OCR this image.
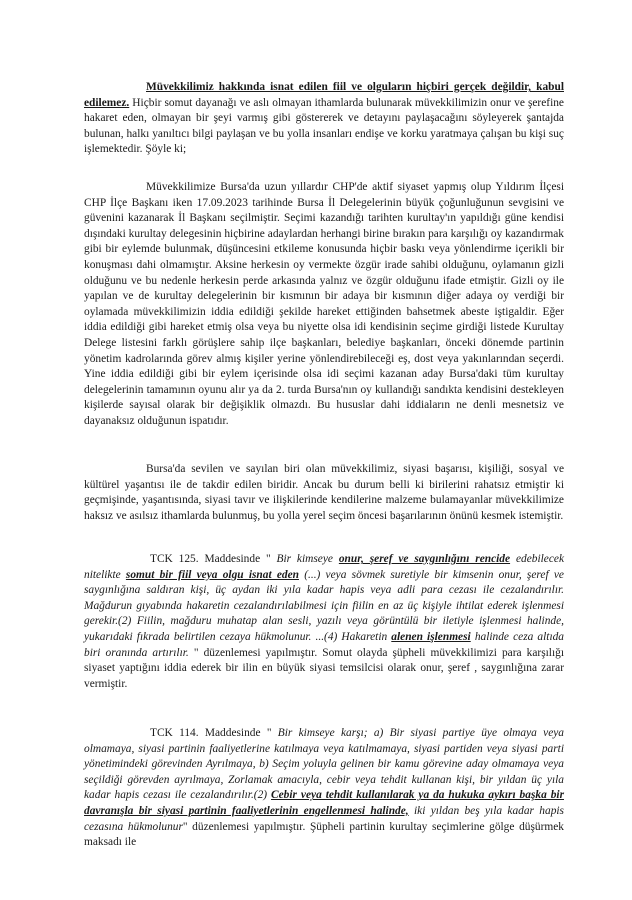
Müvekkilimiz hakkında isnat edilen fiil ve olguların hiçbiri gerçek değildir, kabul edilemez. Hiçbir somut dayanağı ve aslı olmayan ithamlarda bulunarak müvekkilimizin onur ve şerefine hakaret eden, olmayan bir şeyi varmış gibi göstererek ve detayını paylaşacağını söyleyerek şantajda bulunan, halkı yanıltıcı bilgi paylaşan ve bu yolla insanları endişe ve korku yaratmaya çalışan bu kişi suç işlemektedir. Şöyle ki;

Müvekkilimize Bursa'da uzun yıllardır CHP'de aktif siyaset yapmış olup Yıldırım İlçesi CHP İlçe Başkanı iken 17.09.2023 tarihinde Bursa İl Delegelerinin büyük çoğunluğunun sevgisini ve güvenini kazanarak İl Başkanı seçilmiştir. Seçimi kazandığı tarihten kurultay'ın yapıldığı güne kendisi dışındaki kurultay delegesinin hiçbirine adaylardan herhangi birine bırakın para karşılığı oy kazandırmak gibi bir eylemde bulunmak, düşüncesini etkileme konusunda hiçbir baskı veya yönlendirme içerikli bir konuşması dahi olmamıştır. Aksine herkesin oy vermekte özgür irade sahibi olduğunu, oylamanın gizli olduğunu ve bu nedenle herkesin perde arkasında yalnız ve özgür olduğunu ifade etmiştir. Gizli oy ile yapılan ve de kurultay delegelerinin bir kısmının bir adaya bir kısmının diğer adaya oy verdiği bir oylamada müvekkilimizin iddia edildiği şekilde hareket ettiğinden bahsetmek abeste iştigaldir. Eğer iddia edildiği gibi hareket etmiş olsa veya bu niyette olsa idi kendisinin seçime girdiği listede Kurultay Delege listesini farklı görüşlere sahip ilçe başkanları, belediye başkanları, önceki dönemde partinin yönetim kadrolarında görev almış kişiler yerine yönlendirebileceği eş, dost veya yakınlarından seçerdi. Yine iddia edildiği gibi bir eylem içerisinde olsa idi seçimi kazanan aday Bursa'daki tüm kurultay delegelerinin tamamının oyunu alır ya da 2. turda Bursa'nın oy kullandığı sandıkta kendisini destekleyen kişilerde sayısal olarak bir değişiklik olmazdı. Bu hususlar dahi iddiaların ne denli mesnetsiz ve dayanaksız olduğunun ispatıdır.

Bursa'da sevilen ve sayılan biri olan müvekkilimiz, siyasi başarısı, kişiliği, sosyal ve kültürel yaşantısı ile de takdir edilen biridir. Ancak bu durum belli ki birilerini rahatsız etmiştir ki geçmişinde, yaşantısında, siyasi tavır ve ilişkilerinde kendilerine malzeme bulamayanlar müvekkilimize haksız ve asılsız ithamlarda bulunmuş, bu yolla yerel seçim öncesi başarılarının önünü kesmek istemiştir.

TCK 125. Maddesinde " Bir kimseye onur, şeref ve saygınlığını rencide edebilecek nitelikte somut bir fiil veya olgu isnat eden (...) veya sövmek suretiyle bir kimsenin onur, şeref ve saygınlığına saldıran kişi, üç aydan iki yıla kadar hapis veya adli para cezası ile cezalandırılır. Mağdurun gıyabında hakaretin cezalandırılabilmesi için fiilin en az üç kişiyle ihtilat ederek işlenmesi gerekir.(2) Fiilin, mağduru muhatap alan sesli, yazılı veya görüntülü bir iletiyle işlenmesi halinde, yukarıdaki fıkrada belirtilen cezaya hükmolunur. ...(4) Hakaretin alenen işlenmesi halinde ceza altıda biri oranında artırılır. " düzenlemesi yapılmıştır. Somut olayda şüpheli müvekkilimizi para karşılığı siyaset yaptığını iddia ederek bir ilin en büyük siyasi temsilcisi olarak onur, şeref , saygınlığına zarar vermiştir.

TCK 114. Maddesinde " Bir kimseye karşı; a) Bir siyasi partiye üye olmaya veya olmamaya, siyasi partinin faaliyetlerine katılmaya veya katılmamaya, siyasi partiden veya siyasi parti yönetimindeki görevinden Ayrılmaya, b) Seçim yoluyla gelinen bir kamu görevine aday olmamaya veya seçildiği görevden ayrılmaya, Zorlamak amacıyla, cebir veya tehdit kullanan kişi, bir yıldan üç yıla kadar hapis cezası ile cezalandırılır.(2) Cebir veya tehdit kullanılarak ya da hukuka aykırı başka bir davranışla bir siyasi partinin faaliyetlerinin engellenmesi halinde, iki yıldan beş yıla kadar hapis cezasına hükmolunur" düzenlemesi yapılmıştır. Şüpheli partinin kurultay seçimlerine gölge düşürmek maksadı ile
